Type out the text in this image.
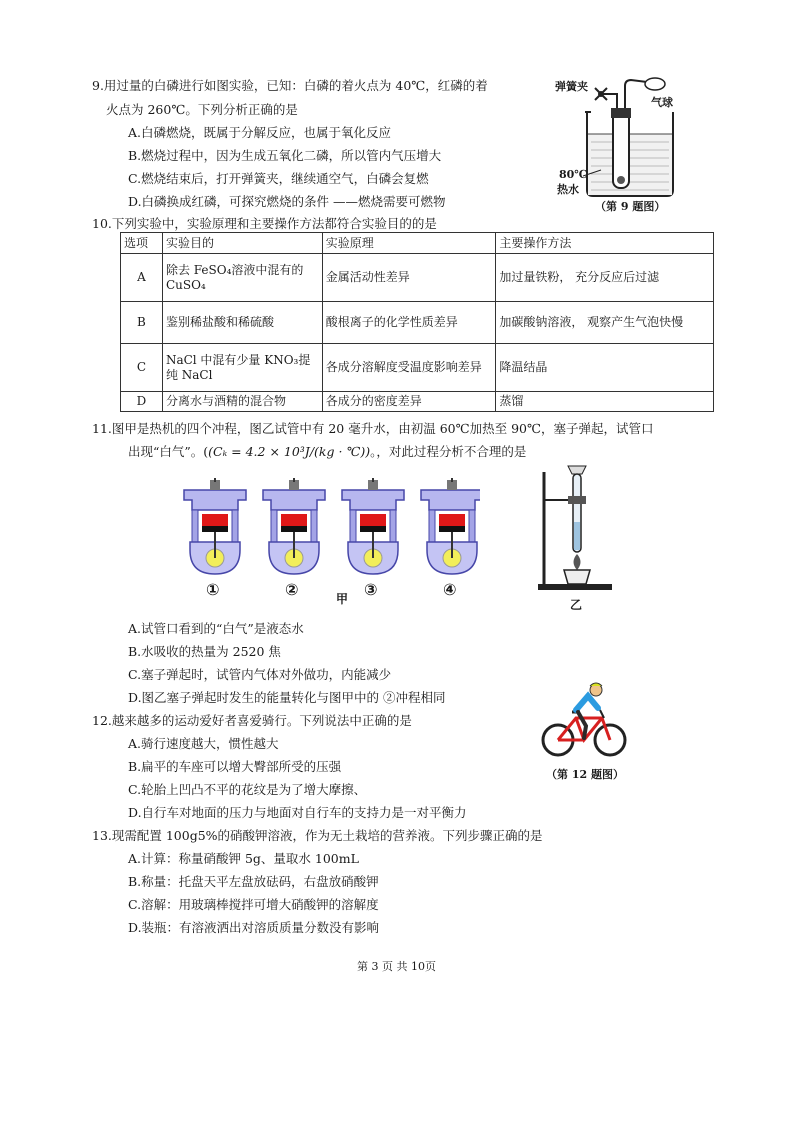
9.用过量的白磷进行如图实验，已知：白磷的着火点为 40℃，红磷的着
火点为 260℃。下列分析正确的是
A.白磷燃烧，既属于分解反应，也属于氧化反应
B.燃烧过程中，因为生成五氧化二磷，所以管内气压增大
C.燃烧结束后，打开弹簧夹，继续通空气，白磷会复燃
D.白磷换成红磷，可探究燃烧的条件 ——燃烧需要可燃物
弹簧夹
气球
80℃
热水
（第 9 题图）
10.下列实验中，实验原理和主要操作方法都符合实验目的的是
选项	实验目的	实验原理	主要操作方法
A	除去 FeSO₄溶液中混有的 CuSO₄	金属活动性差异	加过量铁粉， 充分反应后过滤
B	鉴别稀盐酸和稀硫酸	酸根离子的化学性质差异	加碳酸钠溶液， 观察产生气泡快慢
C	NaCl 中混有少量 KNO₃提纯 NaCl	各成分溶解度受温度影响差异	降温结晶
D	分离水与酒精的混合物	各成分的密度差异	蒸馏
11.图甲是热机的四个冲程，图乙试管中有 20 毫升水，由初温 60℃加热至 90℃，塞子弹起，试管口
出现“白气”。((Cₖ = 4.2 × 10³J/(kg · ℃))。，对此过程分析不合理的是
①	②	甲 ③	④
乙
A.试管口看到的“白气”是液态水
B.水吸收的热量为 2520 焦
C.塞子弹起时，试管内气体对外做功，内能减少
D.图乙塞子弹起时发生的能量转化与图甲中的 ②冲程相同
12.越来越多的运动爱好者喜爱骑行。下列说法中正确的是
A.骑行速度越大，惯性越大
B.扁平的车座可以增大臀部所受的压强
C.轮胎上凹凸不平的花纹是为了增大摩擦、
D.自行车对地面的压力与地面对自行车的支持力是一对平衡力
（第 12 题图）
13.现需配置 100g5%的硝酸钾溶液，作为无土栽培的营养液。下列步骤正确的是
A.计算：称量硝酸钾 5g、量取水 100mL
B.称量：托盘天平左盘放砝码，右盘放硝酸钾
C.溶解：用玻璃棒搅拌可增大硝酸钾的溶解度
D.装瓶：有溶液洒出对溶质质量分数没有影响
第 3 页 共 10页
